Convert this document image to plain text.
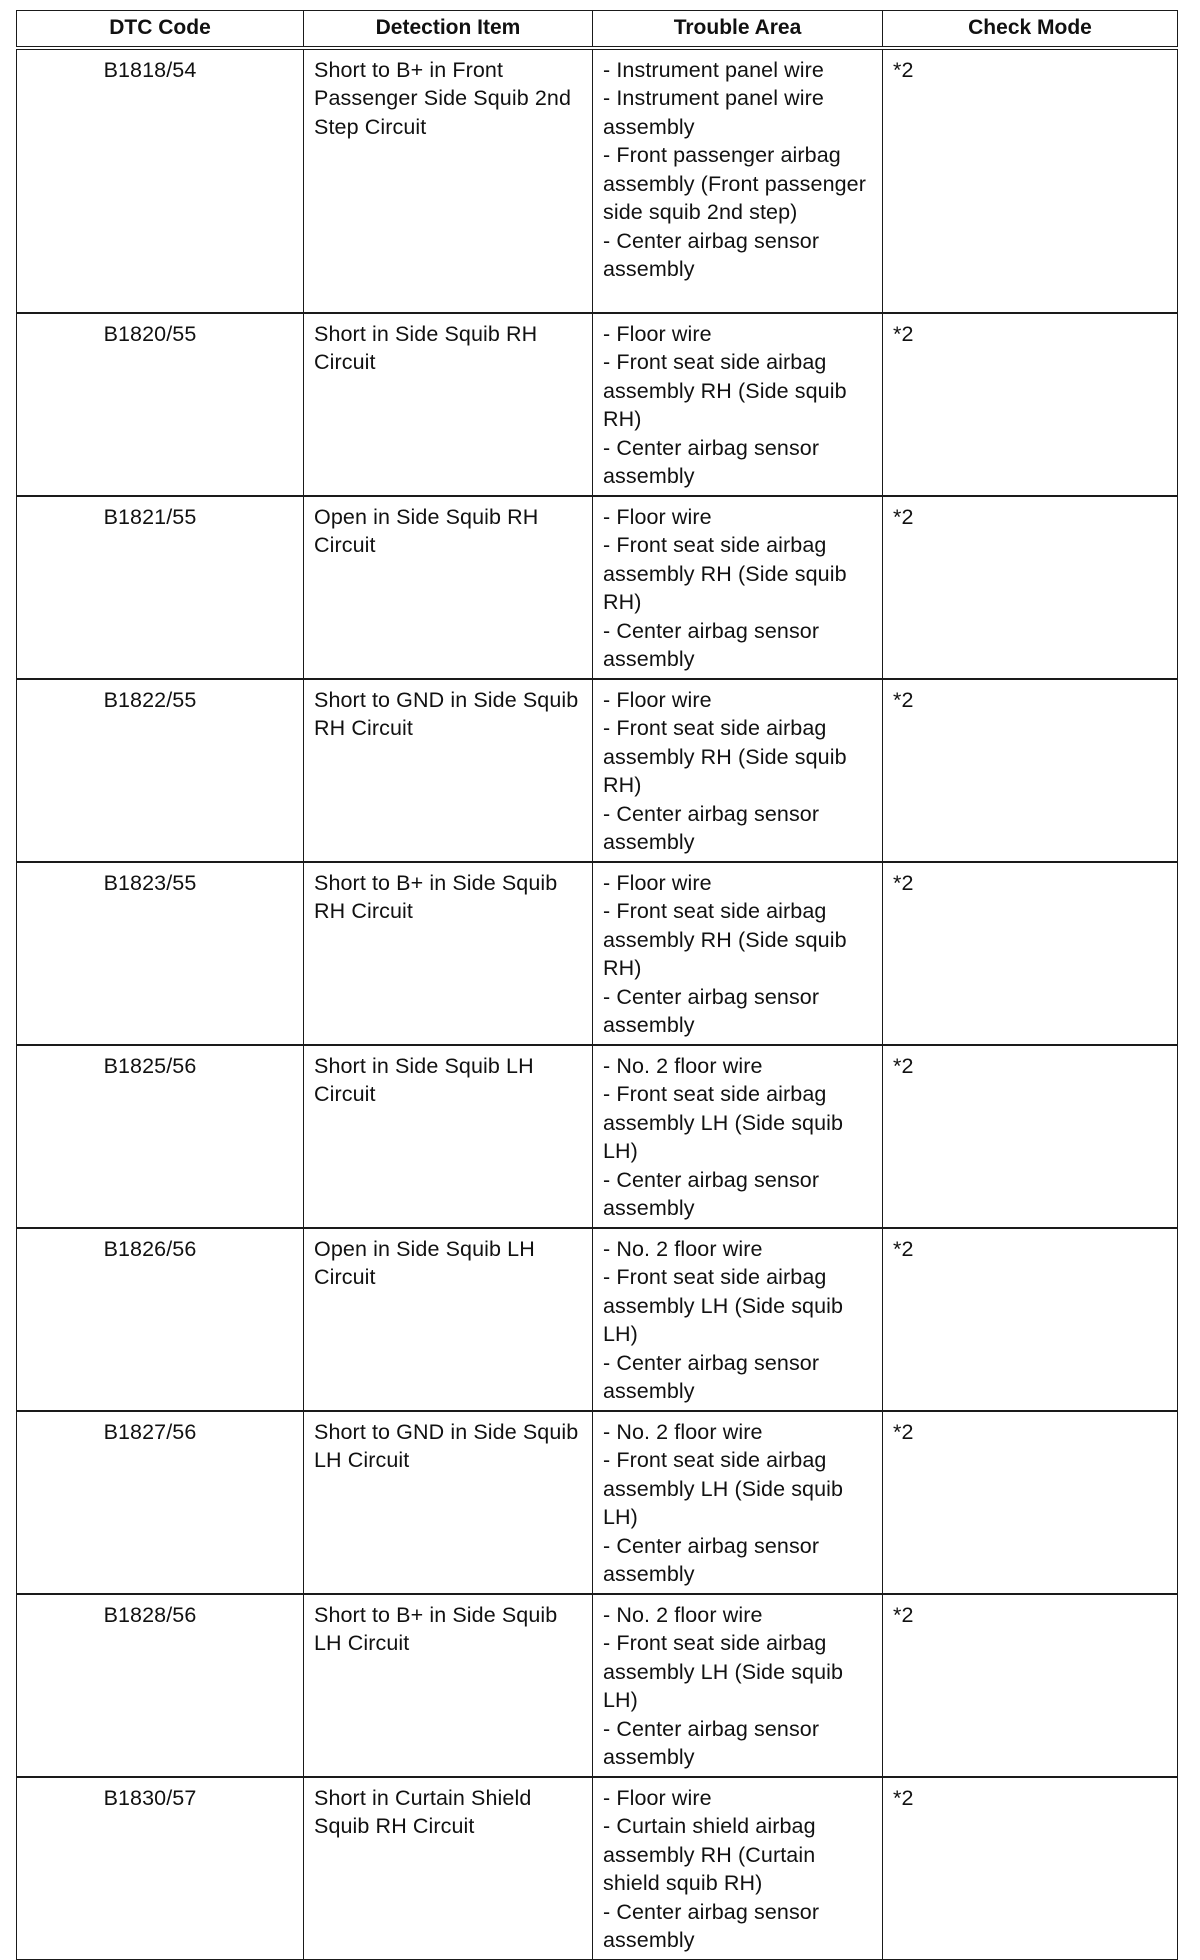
DTC Code	Detection Item	Trouble Area	Check Mode
B1818/54	Short to B+ in Front Passenger Side Squib 2nd Step Circuit	- Instrument panel wire
- Instrument panel wire assembly
- Front passenger airbag assembly (Front passenger side squib 2nd step)
- Center airbag sensor assembly	*2
B1820/55	Short in Side Squib RH Circuit	- Floor wire
- Front seat side airbag assembly RH (Side squib RH)
- Center airbag sensor assembly	*2
B1821/55	Open in Side Squib RH Circuit	- Floor wire
- Front seat side airbag assembly RH (Side squib RH)
- Center airbag sensor assembly	*2
B1822/55	Short to GND in Side Squib RH Circuit	- Floor wire
- Front seat side airbag assembly RH (Side squib RH)
- Center airbag sensor assembly	*2
B1823/55	Short to B+ in Side Squib RH Circuit	- Floor wire
- Front seat side airbag assembly RH (Side squib RH)
- Center airbag sensor assembly	*2
B1825/56	Short in Side Squib LH Circuit	- No. 2 floor wire
- Front seat side airbag assembly LH (Side squib LH)
- Center airbag sensor assembly	*2
B1826/56	Open in Side Squib LH Circuit	- No. 2 floor wire
- Front seat side airbag assembly LH (Side squib LH)
- Center airbag sensor assembly	*2
B1827/56	Short to GND in Side Squib LH Circuit	- No. 2 floor wire
- Front seat side airbag assembly LH (Side squib LH)
- Center airbag sensor assembly	*2
B1828/56	Short to B+ in Side Squib LH Circuit	- No. 2 floor wire
- Front seat side airbag assembly LH (Side squib LH)
- Center airbag sensor assembly	*2
B1830/57	Short in Curtain Shield Squib RH Circuit	- Floor wire
- Curtain shield airbag assembly RH (Curtain shield squib RH)
- Center airbag sensor assembly	*2
